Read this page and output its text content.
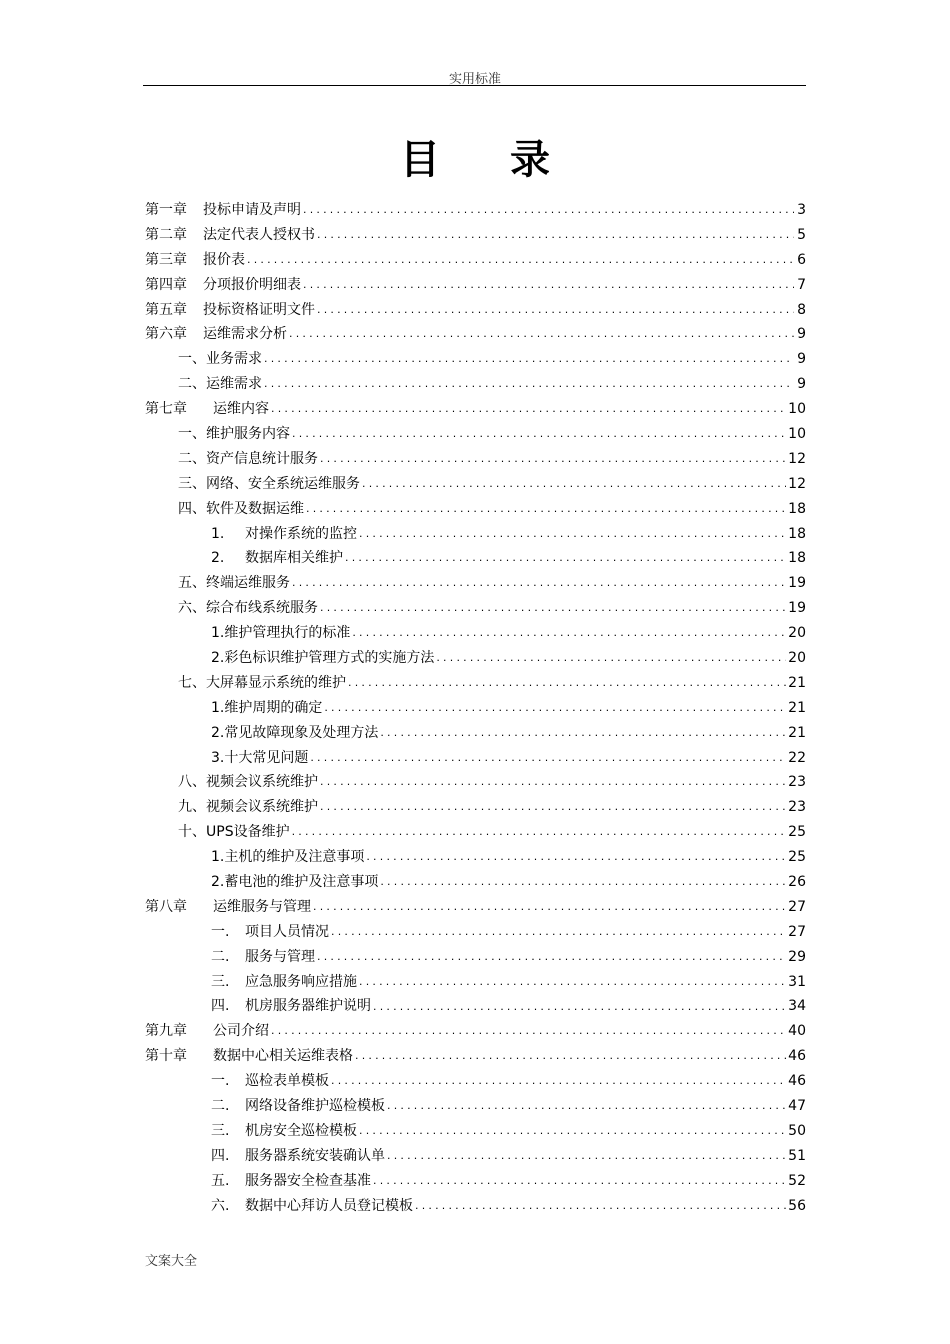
实用标准
目 录
第一章 投标申请及声明 .....	3
第二章 法定代表人授权书 .....	5
第三章 报价表 .....	6
第四章 分项报价明细表 .....	7
第五章 投标资格证明文件 .....	8
第六章 运维需求分析 .....	9
一、业务需求 .....	9
二、运维需求 .....	9
第七章 运维内容 .....	10
一、维护服务内容 .....	10
二、资产信息统计服务 .....	12
三、网络、安全系统运维服务 .....	12
四、软件及数据运维 .....	18
1. 对操作系统的监控 .....	18
2. 数据库相关维护 .....	18
五、终端运维服务 .....	19
六、综合布线系统服务 .....	19
1.维护管理执行的标准 .....	20
2.彩色标识维护管理方式的实施方法 .....	20
七、大屏幕显示系统的维护 .....	21
1.维护周期的确定 .....	21
2.常见故障现象及处理方法 .....	21
3.十大常见问题 .....	22
八、视频会议系统维护 .....	23
九、视频会议系统维护 .....	23
十、UPS设备维护 .....	25
1.主机的维护及注意事项 .....	25
2.蓄电池的维护及注意事项 .....	26
第八章 运维服务与管理 .....	27
一. 项目人员情况 .....	27
二. 服务与管理 .....	29
三. 应急服务响应措施 .....	31
四. 机房服务器维护说明 .....	34
第九章 公司介绍 .....	40
第十章 数据中心相关运维表格 .....	46
一. 巡检表单模板 .....	46
二. 网络设备维护巡检模板 .....	47
三. 机房安全巡检模板 .....	50
四. 服务器系统安装确认单 .....	51
五. 服务器安全检查基准 .....	52
六. 数据中心拜访人员登记模板 .....	56
文案大全
